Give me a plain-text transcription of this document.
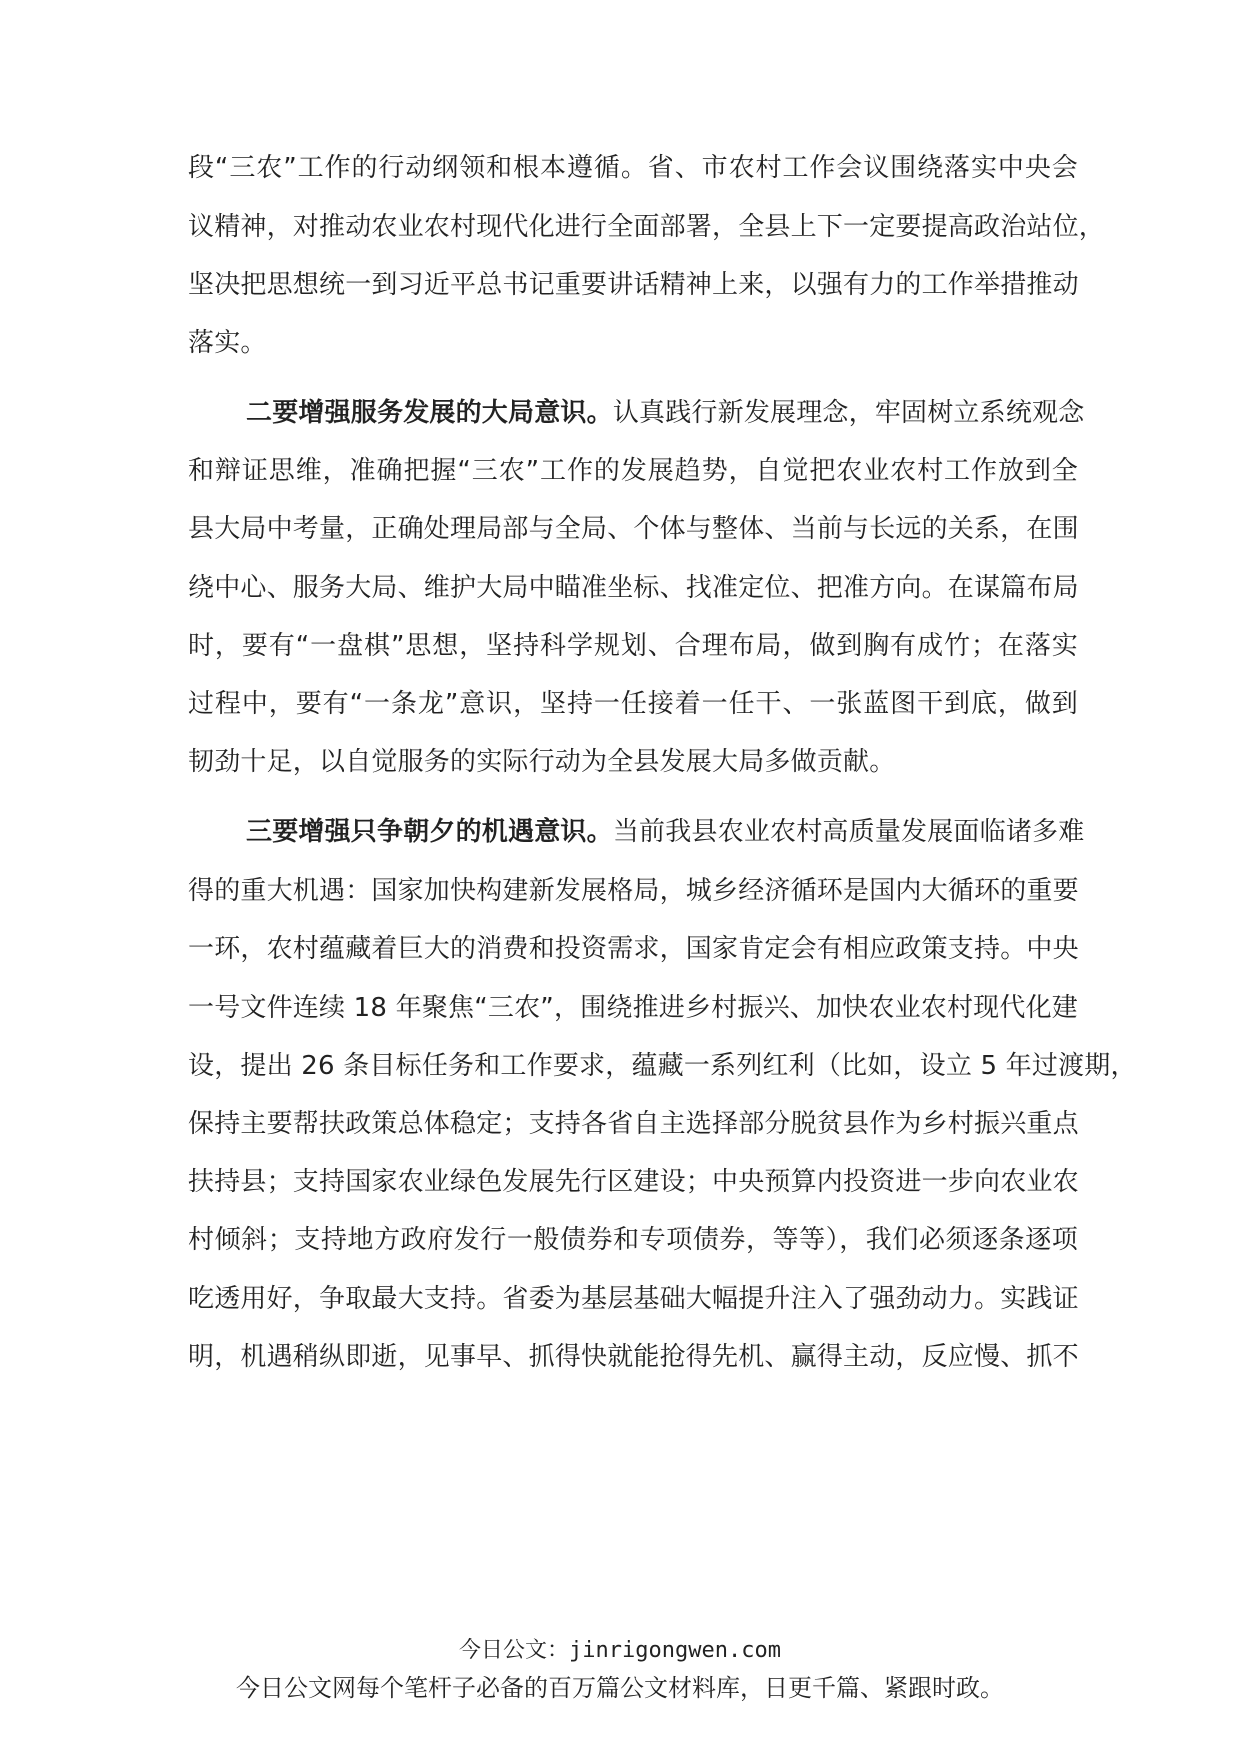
段“三农”工作的行动纲领和根本遵循。省、市农村工作会议围绕落实中央会
议精神，对推动农业农村现代化进行全面部署，全县上下一定要提高政治站位，
坚决把思想统一到习近平总书记重要讲话精神上来，以强有力的工作举措推动
落实。
二要增强服务发展的大局意识。认真践行新发展理念，牢固树立系统观念
和辩证思维，准确把握“三农”工作的发展趋势，自觉把农业农村工作放到全
县大局中考量，正确处理局部与全局、个体与整体、当前与长远的关系，在围
绕中心、服务大局、维护大局中瞄准坐标、找准定位、把准方向。在谋篇布局
时，要有“一盘棋”思想，坚持科学规划、合理布局，做到胸有成竹；在落实
过程中，要有“一条龙”意识，坚持一任接着一任干、一张蓝图干到底，做到
韧劲十足，以自觉服务的实际行动为全县发展大局多做贡献。
三要增强只争朝夕的机遇意识。当前我县农业农村高质量发展面临诸多难
得的重大机遇：国家加快构建新发展格局，城乡经济循环是国内大循环的重要
一环，农村蕴藏着巨大的消费和投资需求，国家肯定会有相应政策支持。中央
一号文件连续 18 年聚焦“三农”，围绕推进乡村振兴、加快农业农村现代化建
设，提出 26 条目标任务和工作要求，蕴藏一系列红利（比如，设立 5 年过渡期，
保持主要帮扶政策总体稳定；支持各省自主选择部分脱贫县作为乡村振兴重点
扶持县；支持国家农业绿色发展先行区建设；中央预算内投资进一步向农业农
村倾斜；支持地方政府发行一般债券和专项债券，等等），我们必须逐条逐项
吃透用好，争取最大支持。省委为基层基础大幅提升注入了强劲动力。实践证
明，机遇稍纵即逝，见事早、抓得快就能抢得先机、赢得主动，反应慢、抓不
今日公文：jinrigongwen.com
今日公文网每个笔杆子必备的百万篇公文材料库，日更千篇、紧跟时政。
